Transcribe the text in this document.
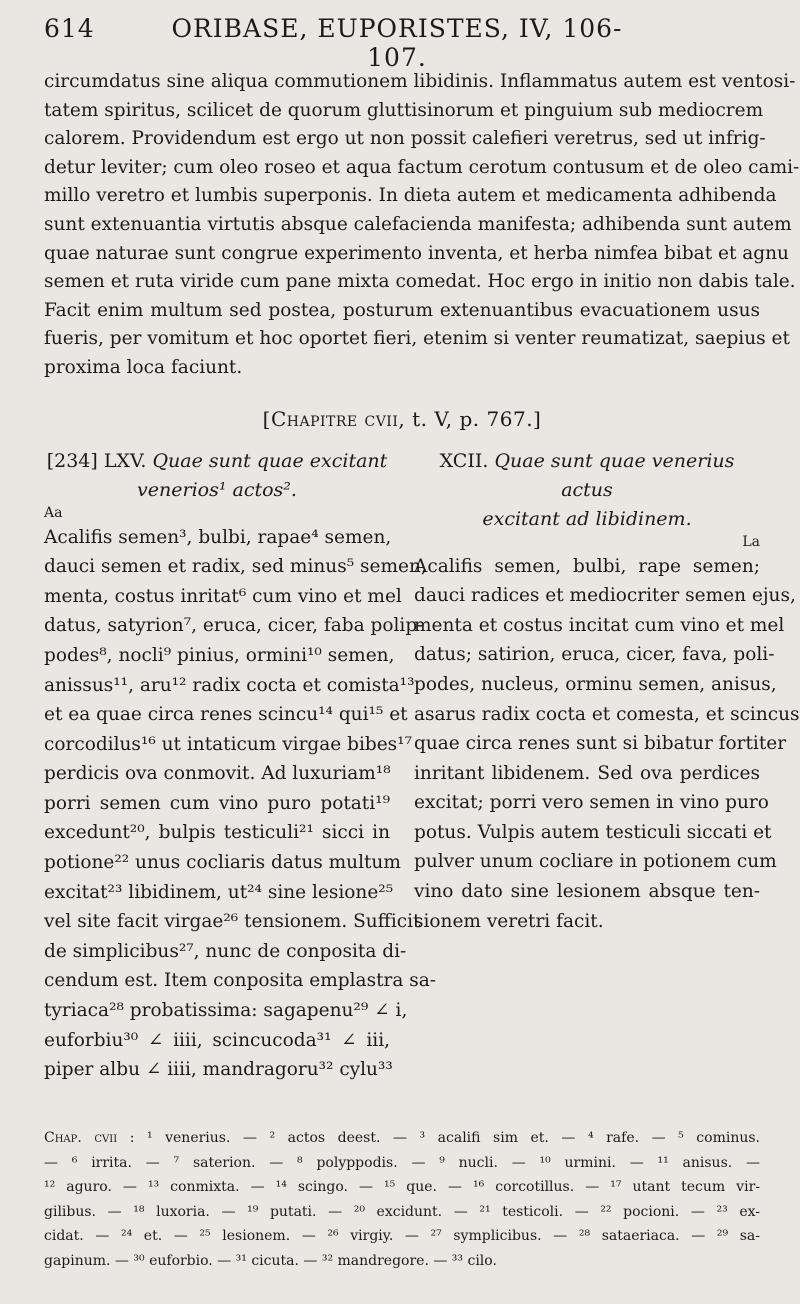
614	ORIBASE, EUPORISTES, IV, 106-107.
circumdatus sine aliqua commutionem libidinis. Inflammatus autem est ventosi-
tatem spiritus, scilicet de quorum gluttisinorum et pinguium sub mediocrem
calorem. Providendum est ergo ut non possit calefieri veretrus, sed ut infrig-
detur leviter; cum oleo roseo et aqua factum cerotum contusum et de oleo cami-
millo veretro et lumbis superponis. In dieta autem et medicamenta adhibenda
sunt extenuantia virtutis absque calefacienda manifesta; adhibenda sunt autem
quae naturae sunt congrue experimento inventa, et herba nimfea bibat et agnu
semen et ruta viride cum pane mixta comedat. Hoc ergo in initio non dabis tale.
Facit enim multum sed postea, posturum extenuantibus evacuationem usus
fueris, per vomitum et hoc oportet fieri, etenim si venter reumatizat, saepius et
proxima loca faciunt.
[Chapitre cvii, t. V, p. 767.]
[234] LXV. Quae sunt quae excitant
venerios¹ actos².
Aa
Acalifis semen³, bulbi, rapae⁴ semen,
dauci semen et radix, sed minus⁵ semen,
menta, costus inritat⁶ cum vino et mel
datus, satyrion⁷, eruca, cicer, faba polip-
podes⁸, nocli⁹ pinius, ormini¹⁰ semen,
anissus¹¹, aru¹² radix cocta et comista¹³
et ea quae circa renes scincu¹⁴ qui¹⁵ et
corcodilus¹⁶ ut intaticum virgae bibes¹⁷
perdicis ova conmovit. Ad luxuriam¹⁸
porri semen cum vino puro potati¹⁹
excedunt²⁰, bulpis testiculi²¹ sicci in
potione²² unus cocliaris datus multum
excitat²³ libidinem, ut²⁴ sine lesione²⁵
vel site facit virgae²⁶ tensionem. Sufficit
de simplicibus²⁷, nunc de conposita di-
cendum est. Item conposita emplastra sa-
tyriaca²⁸ probatissima: sagapenu²⁹ ∠ i,
euforbiu³⁰ ∠ iiii, scincucoda³¹ ∠ iii,
piper albu ∠ iiii, mandragoru³² cylu³³
XCII. Quae sunt quae venerius actus
excitant ad libidinem.
La
Acalifis semen, bulbi, rape semen;
dauci radices et mediocriter semen ejus,
menta et costus incitat cum vino et mel
datus; satirion, eruca, cicer, fava, poli-
podes, nucleus, orminu semen, anisus,
asarus radix cocta et comesta, et scincus
quae circa renes sunt si bibatur fortiter
inritant libidenem. Sed ova perdices
excitat; porri vero semen in vino puro
potus. Vulpis autem testiculi siccati et
pulver unum cocliare in potionem cum
vino dato sine lesionem absque ten-
sionem veretri facit.
Chap. cvii : ¹ venerius. — ² actos deest. — ³ acalifi sim et. — ⁴ rafe. — ⁵ cominus.
— ⁶ irrita. — ⁷ saterion. — ⁸ polyppodis. — ⁹ nucli. — ¹⁰ urmini. — ¹¹ anisus. —
¹² aguro. — ¹³ conmixta. — ¹⁴ scingo. — ¹⁵ que. — ¹⁶ corcotillus. — ¹⁷ utant tecum vir-
gilibus. — ¹⁸ luxoria. — ¹⁹ putati. — ²⁰ excidunt. — ²¹ testicoli. — ²² pocioni. — ²³ ex-
cidat. — ²⁴ et. — ²⁵ lesionem. — ²⁶ virgiy. — ²⁷ symplicibus. — ²⁸ sataeriaca. — ²⁹ sa-
gapinum. — ³⁰ euforbio. — ³¹ cicuta. — ³² mandregore. — ³³ cilo.
